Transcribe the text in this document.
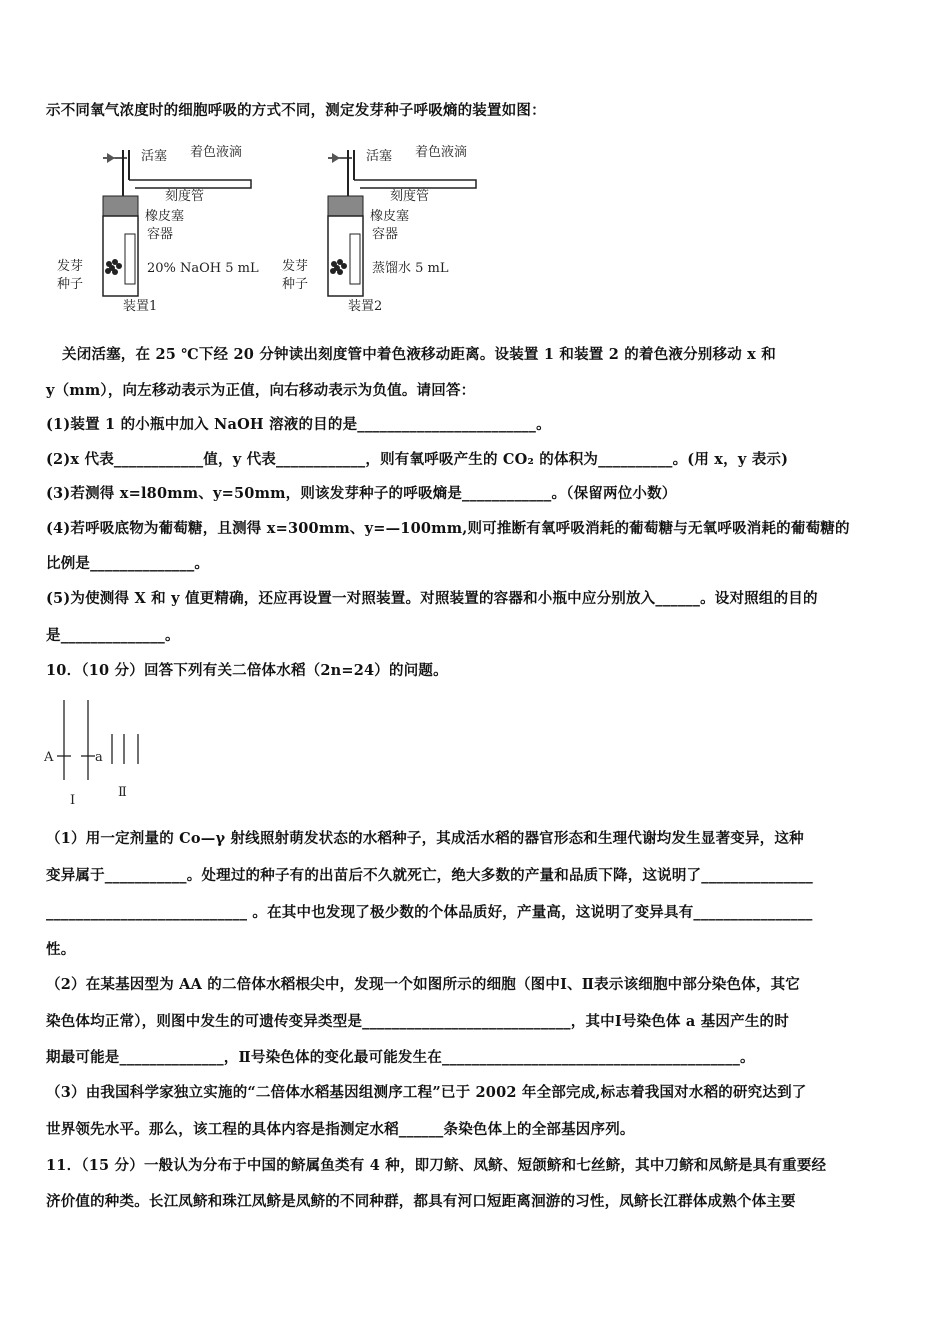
示不同氧气浓度时的细胞呼吸的方式不同，测定发芽种子呼吸熵的装置如图：
活塞 着色液滴
刻度管
橡皮塞
容器
20% NaOH 5 mL
发芽
种子
装置1
活塞 着色液滴
刻度管
橡皮塞
容器
蒸馏水 5 mL
发芽
种子
装置2
关闭活塞，在 25 ℃下经 20 分钟读出刻度管中着色液移动距离。设装置 1 和装置 2 的着色液分别移动 x 和
y（mm），向左移动表示为正值，向右移动表示为负值。请回答：
(1)装置 1 的小瓶中加入 NaOH 溶液的目的是________________________。
(2)x 代表____________值，y 代表____________，则有氧呼吸产生的 CO₂ 的体积为__________。(用 x，y 表示)
(3)若测得 x=l80mm、y=50mm，则该发芽种子的呼吸熵是____________。（保留两位小数）
(4)若呼吸底物为葡萄糖，且测得 x=300mm、y=—100mm,则可推断有氧呼吸消耗的葡萄糖与无氧呼吸消耗的葡萄糖的
比例是______________。
(5)为使测得 X 和 y 值更精确，还应再设置一对照装置。对照装置的容器和小瓶中应分别放入______。设对照组的目的
是______________。
10．（10 分）回答下列有关二倍体水稻（2n=24）的问题。
A	a
Ⅰ
Ⅱ
（1）用一定剂量的 Co—γ 射线照射萌发状态的水稻种子，其成活水稻的器官形态和生理代谢均发生显著变异，这种
变异属于___________。处理过的种子有的出苗后不久就死亡，绝大多数的产量和品质下降，这说明了_______________
___________________________ 。在其中也发现了极少数的个体品质好，产量高，这说明了变异具有________________
性。
（2）在某基因型为 AA 的二倍体水稻根尖中，发现一个如图所示的细胞（图中Ⅰ、Ⅱ表示该细胞中部分染色体，其它
染色体均正常），则图中发生的可遗传变异类型是____________________________，其中Ⅰ号染色体 a 基因产生的时
期最可能是______________，Ⅱ号染色体的变化最可能发生在________________________________________。
（3）由我国科学家独立实施的“二倍体水稻基因组测序工程”已于 2002 年全部完成,标志着我国对水稻的研究达到了
世界领先水平。那么，该工程的具体内容是指测定水稻______条染色体上的全部基因序列。
11．（15 分）一般认为分布于中国的鲚属鱼类有 4 种，即刀鲚、凤鲚、短颌鲚和七丝鲚，其中刀鲚和凤鲚是具有重要经
济价值的种类。长江凤鲚和珠江凤鲚是凤鲚的不同种群，都具有河口短距离洄游的习性，凤鲚长江群体成熟个体主要
